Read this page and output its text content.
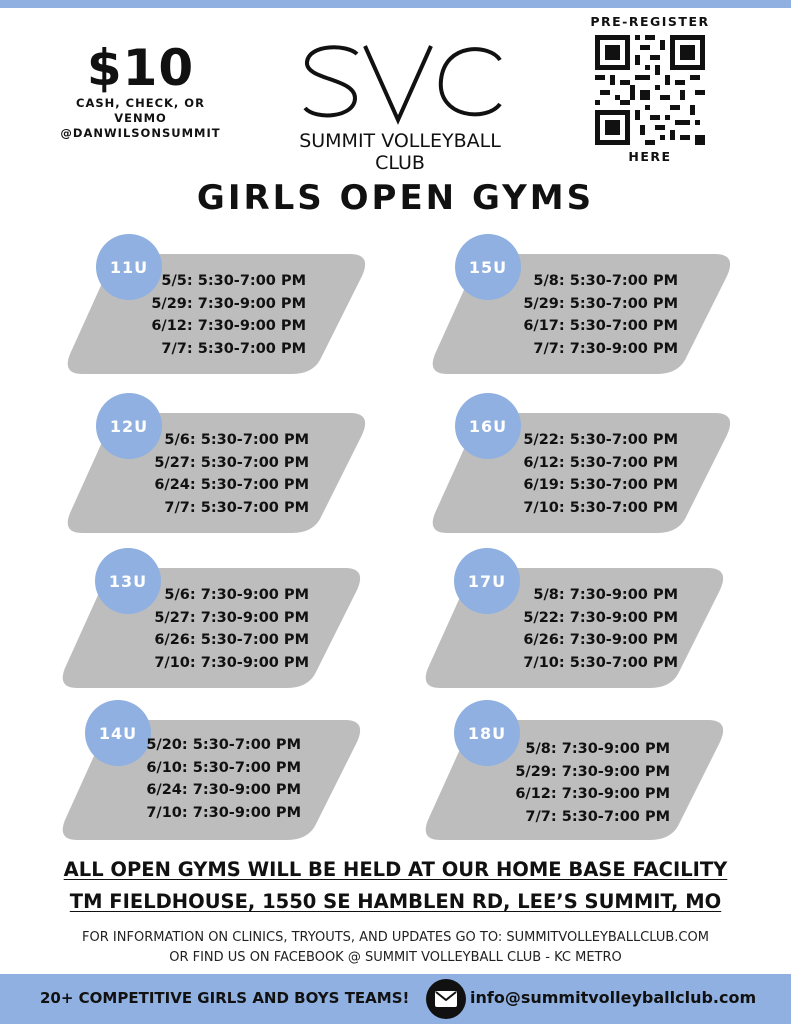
$10
CASH, CHECK, OR
VENMO
@DANWILSONSUMMIT	SUMMIT VOLLEYBALL CLUB
PRE-REGISTER
HERE
GIRLS OPEN GYMS
11U
5/5: 5:30-7:00 PM
5/29: 7:30-9:00 PM
6/12: 7:30-9:00 PM
7/7: 5:30-7:00 PM
15U
5/8: 5:30-7:00 PM
5/29: 5:30-7:00 PM
6/17: 5:30-7:00 PM
7/7: 7:30-9:00 PM
12U
5/6: 5:30-7:00 PM
5/27: 5:30-7:00 PM
6/24: 5:30-7:00 PM
7/7: 5:30-7:00 PM
16U
5/22: 5:30-7:00 PM
6/12: 5:30-7:00 PM
6/19: 5:30-7:00 PM
7/10: 5:30-7:00 PM
13U
5/6: 7:30-9:00 PM
5/27: 7:30-9:00 PM
6/26: 5:30-7:00 PM
7/10: 7:30-9:00 PM
17U
5/8: 7:30-9:00 PM
5/22: 7:30-9:00 PM
6/26: 7:30-9:00 PM
7/10: 5:30-7:00 PM
14U
5/20: 5:30-7:00 PM
6/10: 5:30-7:00 PM
6/24: 7:30-9:00 PM
7/10: 7:30-9:00 PM
18U
5/8: 7:30-9:00 PM
5/29: 7:30-9:00 PM
6/12: 7:30-9:00 PM
7/7: 5:30-7:00 PM
ALL OPEN GYMS WILL BE HELD AT OUR HOME BASE FACILITY
TM FIELDHOUSE, 1550 SE HAMBLEN RD, LEE’S SUMMIT, MO
FOR INFORMATION ON CLINICS, TRYOUTS, AND UPDATES GO TO: SUMMITVOLLEYBALLCLUB.COM
OR FIND US ON FACEBOOK @ SUMMIT VOLLEYBALL CLUB - KC METRO
20+ COMPETITIVE GIRLS AND BOYS TEAMS!	info@summitvolleyballclub.com
